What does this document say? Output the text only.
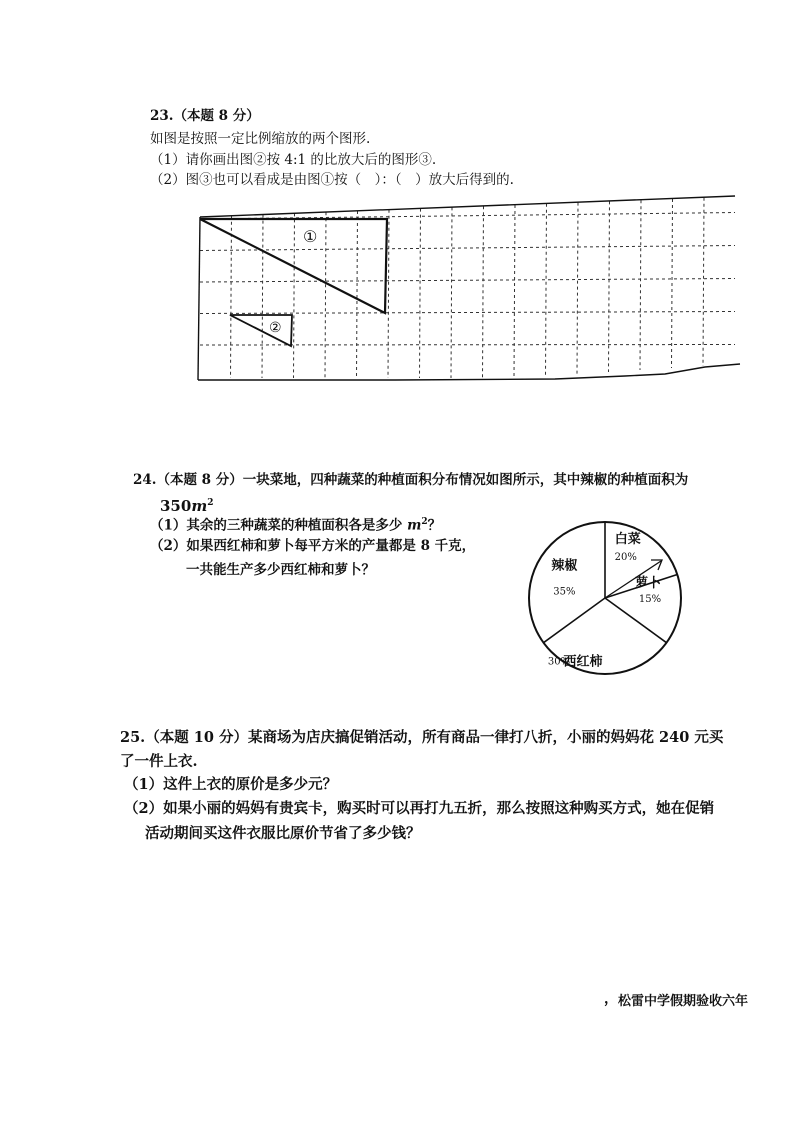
23.（本题 8 分）
如图是按照一定比例缩放的两个图形.
（1）请你画出图②按 4:1 的比放大后的图形③.
（2）图③也可以看成是由图①按（　）：（　）放大后得到的.
①
②
24.（本题 8 分）一块菜地，四种蔬菜的种植面积分布情况如图所示，其中辣椒的种植面积为
$350m^2$
（1）其余的三种蔬菜的种植面积各是多少 $m^2$？
（2）如果西红柿和萝卜每平方米的产量都是 8 千克，
一共能生产多少西红柿和萝卜？
白菜
20%
萝卜
15%
西红柿
30%
辣椒
35%
25.（本题 10 分）某商场为店庆搞促销活动，所有商品一律打八折，小丽的妈妈花 240 元买
了一件上衣.
（1）这件上衣的原价是多少元？
（2）如果小丽的妈妈有贵宾卡，购买时可以再打九五折，那么按照这种购买方式，她在促销
活动期间买这件衣服比原价节省了多少钱？
， 松雷中学假期验收六年
